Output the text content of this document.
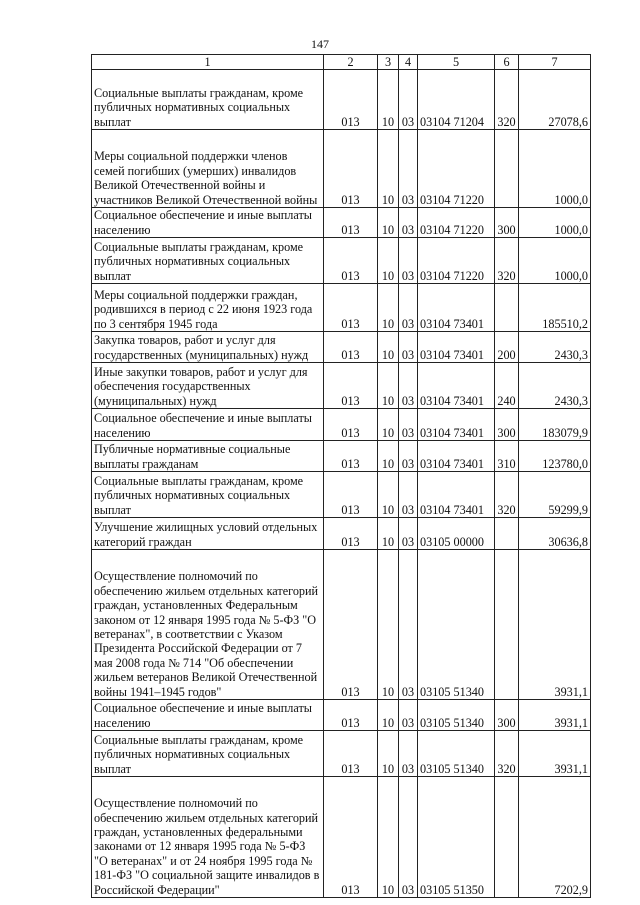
147
1	2	3	4	5	6	7
Социальные выплаты гражданам, кроме публичных нормативных социальных выплат	013	10	03	03104 71204	320	27078,6
Меры социальной поддержки членов семей погибших (умерших) инвалидов Великой Отечественной войны и участников Великой Отечественной войны	013	10	03	03104 71220		1000,0
Социальное обеспечение и иные выплаты населению	013	10	03	03104 71220	300	1000,0
Социальные выплаты гражданам, кроме публичных нормативных социальных выплат	013	10	03	03104 71220	320	1000,0
Меры социальной поддержки граждан, родившихся в период с 22 июня 1923 года по 3 сентября 1945 года	013	10	03	03104 73401		185510,2
Закупка товаров, работ и услуг для государственных (муниципальных) нужд	013	10	03	03104 73401	200	2430,3
Иные закупки товаров, работ и услуг для обеспечения государственных (муниципальных) нужд	013	10	03	03104 73401	240	2430,3
Социальное обеспечение и иные выплаты населению	013	10	03	03104 73401	300	183079,9
Публичные нормативные социальные выплаты гражданам	013	10	03	03104 73401	310	123780,0
Социальные выплаты гражданам, кроме публичных нормативных социальных выплат	013	10	03	03104 73401	320	59299,9
Улучшение жилищных условий отдельных категорий граждан	013	10	03	03105 00000		30636,8
Осуществление полномочий по обеспечению жильем отдельных категорий граждан, установленных Федеральным законом от 12 января 1995 года № 5-ФЗ "О ветеранах", в соответствии с Указом Президента Российской Федерации от 7 мая 2008 года № 714 "Об обеспечении жильем ветеранов Великой Отечественной войны 1941–1945 годов"	013	10	03	03105 51340		3931,1
Социальное обеспечение и иные выплаты населению	013	10	03	03105 51340	300	3931,1
Социальные выплаты гражданам, кроме публичных нормативных социальных выплат	013	10	03	03105 51340	320	3931,1
Осуществление полномочий по обеспечению жильем отдельных категорий граждан, установленных федеральными законами от 12 января 1995 года № 5-ФЗ "О ветеранах" и от 24 ноября 1995 года № 181-ФЗ "О социальной защите инвалидов в Российской Федерации"	013	10	03	03105 51350		7202,9
